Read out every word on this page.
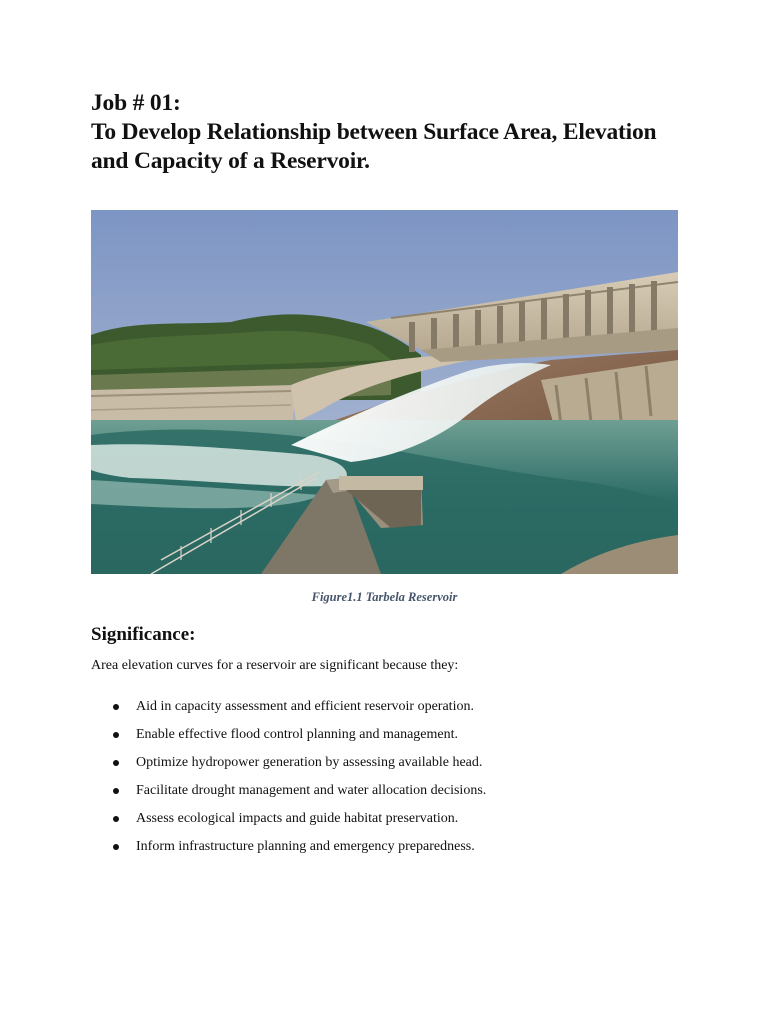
Job # 01:
To Develop Relationship between Surface Area, Elevation
and Capacity of a Reservoir.
Figure1.1 Tarbela Reservoir
Significance:

Area elevation curves for a reservoir are significant because they:

Aid in capacity assessment and efficient reservoir operation.
Enable effective flood control planning and management.
Optimize hydropower generation by assessing available head.
Facilitate drought management and water allocation decisions.
Assess ecological impacts and guide habitat preservation.
Inform infrastructure planning and emergency preparedness.
